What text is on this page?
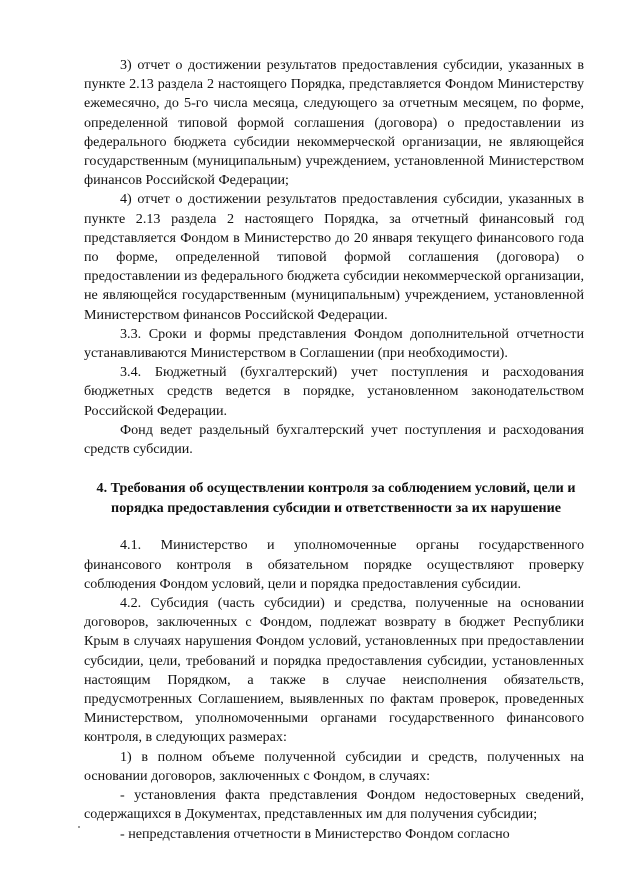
3) отчет о достижении результатов предоставления субсидии, указанных в пункте 2.13 раздела 2 настоящего Порядка, представляется Фондом Министерству ежемесячно, до 5-го числа месяца, следующего за отчетным месяцем, по форме, определенной типовой формой соглашения (договора) о предоставлении из федерального бюджета субсидии некоммерческой организации, не являющейся государственным (муниципальным) учреждением, установленной Министерством финансов Российской Федерации;

4) отчет о достижении результатов предоставления субсидии, указанных в пункте 2.13 раздела 2 настоящего Порядка, за отчетный финансовый год представляется Фондом в Министерство до 20 января текущего финансового года по форме, определенной типовой формой соглашения (договора) о предоставлении из федерального бюджета субсидии некоммерческой организации, не являющейся государственным (муниципальным) учреждением, установленной Министерством финансов Российской Федерации.

3.3. Сроки и формы представления Фондом дополнительной отчетности устанавливаются Министерством в Соглашении (при необходимости).

3.4. Бюджетный (бухгалтерский) учет поступления и расходования бюджетных средств ведется в порядке, установленном законодательством Российской Федерации.

Фонд ведет раздельный бухгалтерский учет поступления и расходования средств субсидии.

4. Требования об осуществлении контроля за соблюдением условий, цели и порядка предоставления субсидии и ответственности за их нарушение

4.1. Министерство и уполномоченные органы государственного финансового контроля в обязательном порядке осуществляют проверку соблюдения Фондом условий, цели и порядка предоставления субсидии.

4.2. Субсидия (часть субсидии) и средства, полученные на основании договоров, заключенных с Фондом, подлежат возврату в бюджет Республики Крым в случаях нарушения Фондом условий, установленных при предоставлении субсидии, цели, требований и порядка предоставления субсидии, установленных настоящим Порядком, а также в случае неисполнения обязательств, предусмотренных Соглашением, выявленных по фактам проверок, проведенных Министерством, уполномоченными органами государственного финансового контроля, в следующих размерах:

1) в полном объеме полученной субсидии и средств, полученных на основании договоров, заключенных с Фондом, в случаях:

- установления факта представления Фондом недостоверных сведений, содержащихся в Документах, представленных им для получения субсидии;

- непредставления отчетности в Министерство Фондом согласно
